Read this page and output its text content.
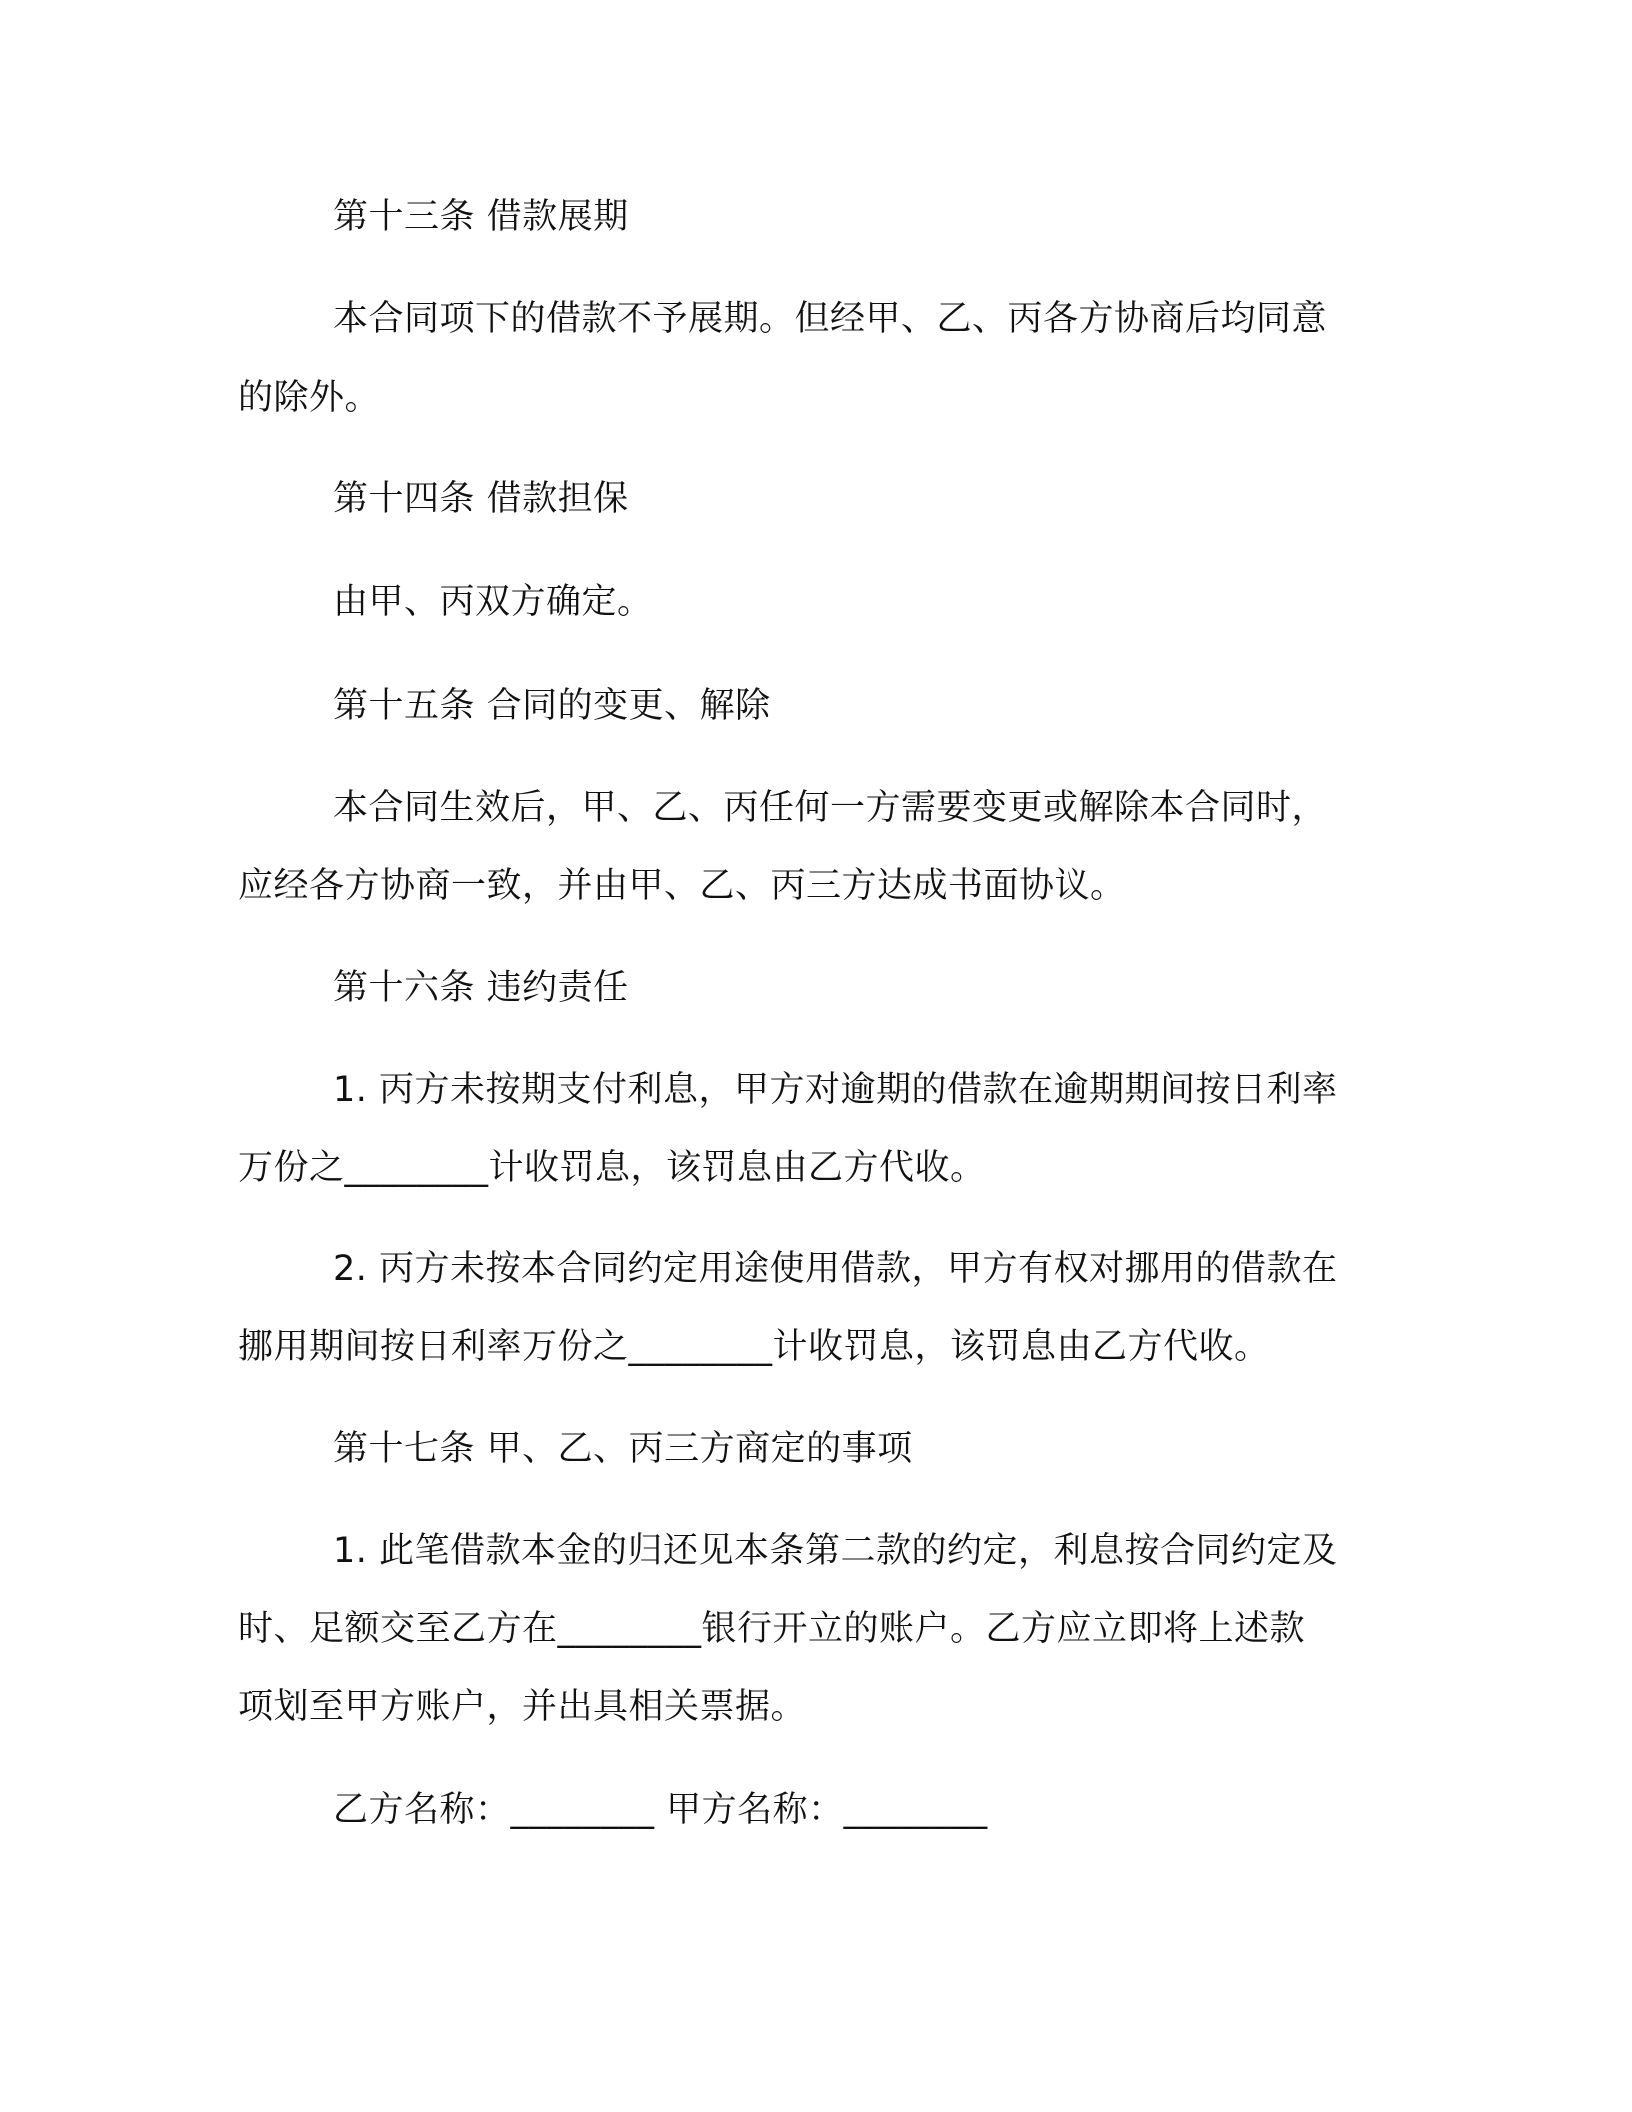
第十三条 借款展期
本合同项下的借款不予展期。但经甲、乙、丙各方协商后均同意
的除外。
第十四条 借款担保
由甲、丙双方确定。
第十五条 合同的变更、解除
本合同生效后，甲、乙、丙任何一方需要变更或解除本合同时，
应经各方协商一致，并由甲、乙、丙三方达成书面协议。
第十六条 违约责任
1. 丙方未按期支付利息，甲方对逾期的借款在逾期期间按日利率
万份之________计收罚息，该罚息由乙方代收。
2. 丙方未按本合同约定用途使用借款，甲方有权对挪用的借款在
挪用期间按日利率万份之________计收罚息，该罚息由乙方代收。
第十七条 甲、乙、丙三方商定的事项
1. 此笔借款本金的归还见本条第二款的约定，利息按合同约定及
时、足额交至乙方在________银行开立的账户。乙方应立即将上述款
项划至甲方账户，并出具相关票据。
乙方名称：________ 甲方名称：________
